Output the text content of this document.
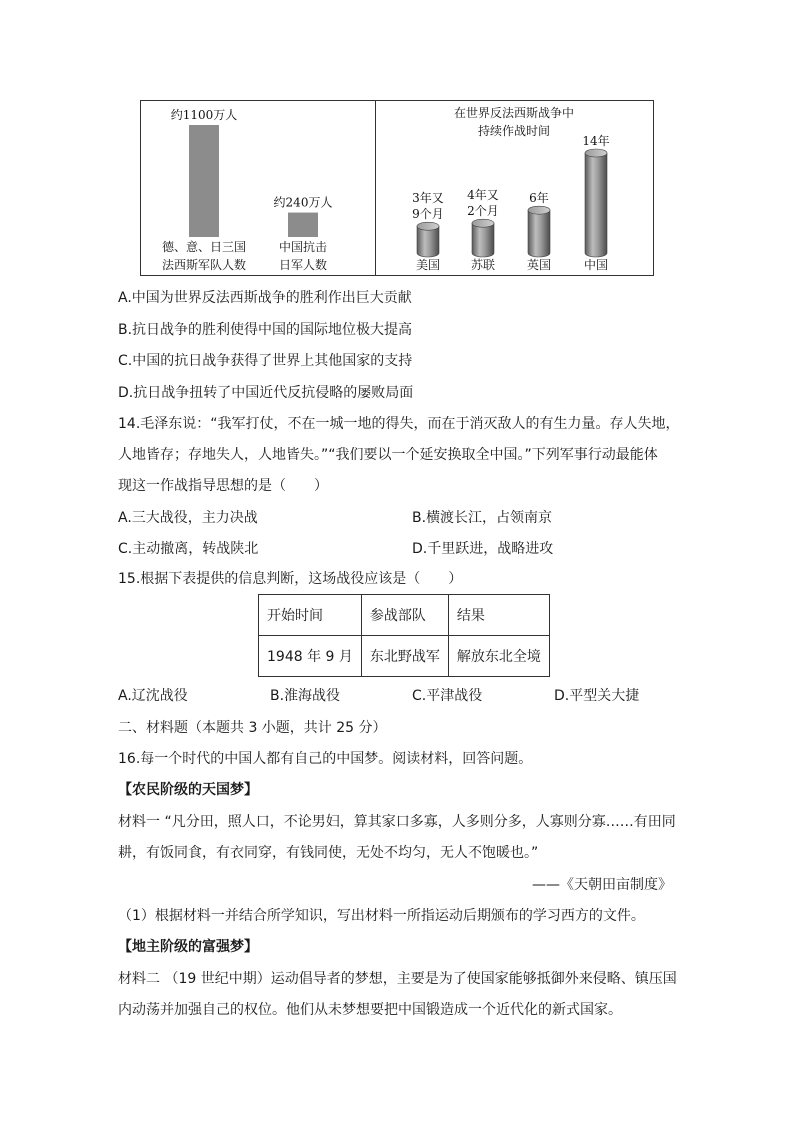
约1100万人
德、意、日三国
法西斯军队人数
约240万人
中国抗击
日军人数
在世界反法西斯战争中
持续作战时间
3年又
9个月
美国
4年又
2个月
苏联
6年
英国
14年
中国
A.中国为世界反法西斯战争的胜利作出巨大贡献
B.抗日战争的胜利使得中国的国际地位极大提高
C.中国的抗日战争获得了世界上其他国家的支持
D.抗日战争扭转了中国近代反抗侵略的屡败局面
14.毛泽东说：“我军打仗，不在一城一地的得失，而在于消灭敌人的有生力量。存人失地，
人地皆存；存地失人，人地皆失。”“我们要以一个延安换取全中国。”下列军事行动最能体
现这一作战指导思想的是（　　）
A.三大战役，主力决战	B.横渡长江，占领南京
C.主动撤离，转战陕北	D.千里跃进，战略进攻
15.根据下表提供的信息判断，这场战役应该是（　　）
开始时间	参战部队	结果
1948 年 9 月	东北野战军	解放东北全境
A.辽沈战役	B.淮海战役	C.平津战役	D.平型关大捷
二、材料题（本题共 3 小题，共计 25 分）
16.每一个时代的中国人都有自己的中国梦。阅读材料，回答问题。
【农民阶级的天国梦】
材料一 “凡分田，照人口，不论男妇，算其家口多寡，人多则分多，人寡则分寡……有田同
耕，有饭同食，有衣同穿，有钱同使，无处不均匀，无人不饱暖也。”
——《天朝田亩制度》
（1）根据材料一并结合所学知识，写出材料一所指运动后期颁布的学习西方的文件。
【地主阶级的富强梦】
材料二 （19 世纪中期）运动倡导者的梦想，主要是为了使国家能够抵御外来侵略、镇压国
内动荡并加强自己的权位。他们从未梦想要把中国锻造成一个近代化的新式国家。
